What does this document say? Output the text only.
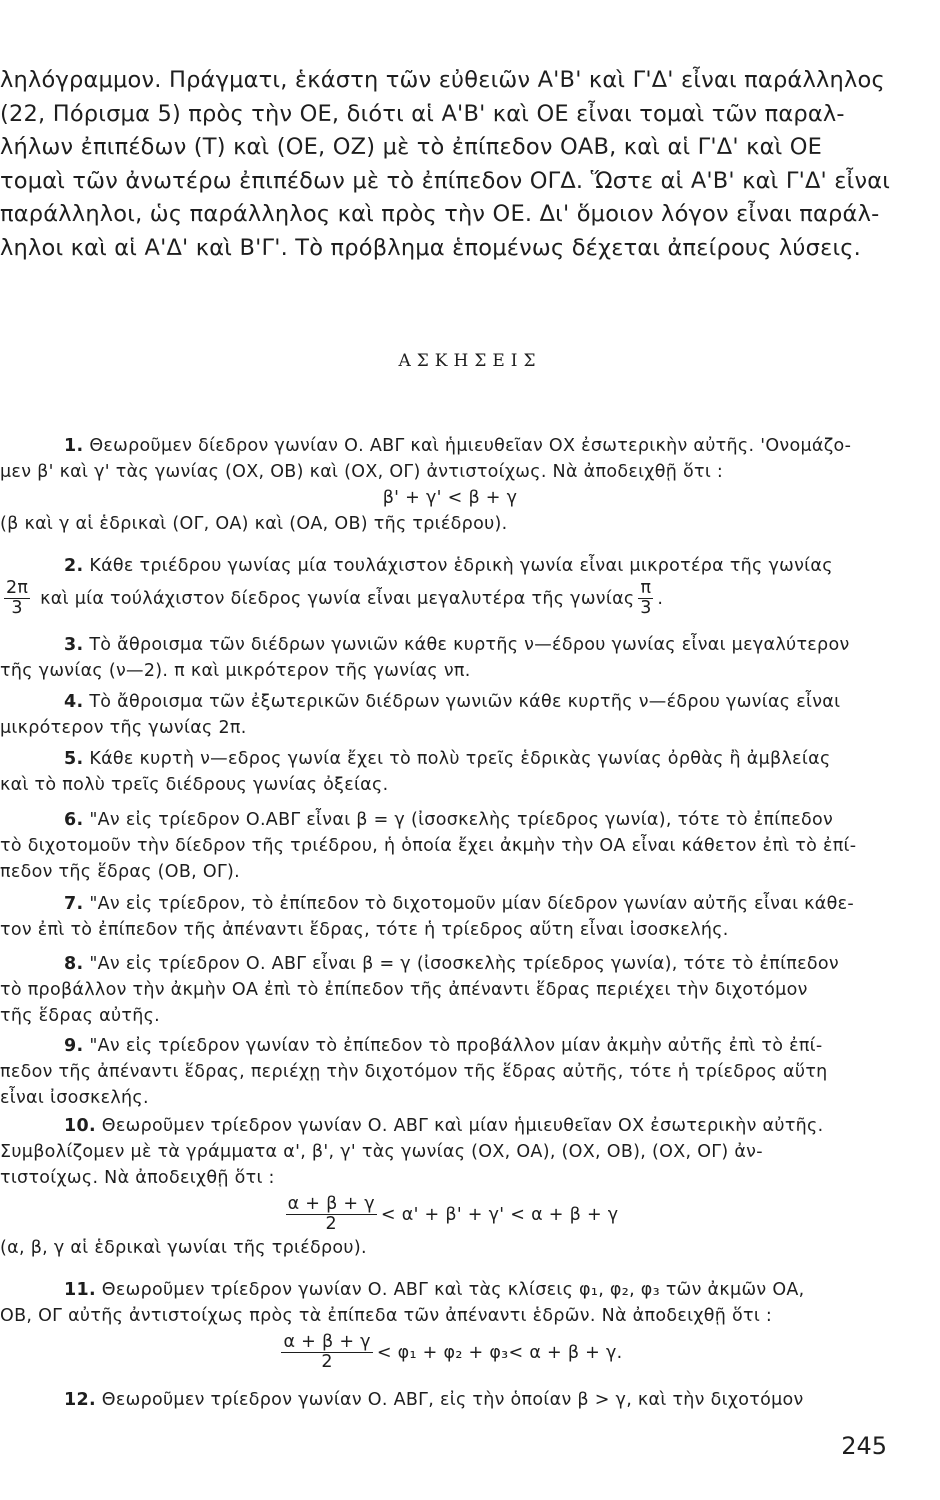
ληλόγραμμον. Πράγματι, ἑκάστη τῶν εὐθειῶν Α'Β' καὶ Γ'Δ' εἶναι παράλληλος
(22, Πόρισμα 5) πρὸς τὴν ΟΕ, διότι αἱ Α'Β' καὶ ΟΕ εἶναι τομαὶ τῶν παραλ-
λήλων ἐπιπέδων (Τ) καὶ (ΟΕ, ΟΖ) μὲ τὸ ἐπίπεδον ΟΑΒ, καὶ αἱ Γ'Δ' καὶ ΟΕ
τομαὶ τῶν ἀνωτέρω ἐπιπέδων μὲ τὸ ἐπίπεδον ΟΓΔ. Ὥστε αἱ Α'Β' καὶ Γ'Δ' εἶναι
παράλληλοι, ὡς παράλληλος καὶ πρὸς τὴν ΟΕ. Δι' ὅμοιον λόγον εἶναι παράλ-
ληλοι καὶ αἱ Α'Δ' καὶ Β'Γ'. Τὸ πρόβλημα ἑπομένως δέχεται ἀπείρους λύσεις.
ΑΣΚΗΣΕΙΣ
1. Θεωροῦμεν δίεδρον γωνίαν Ο. ΑΒΓ καὶ ἡμιευθεῖαν ΟΧ ἐσωτερικὴν αὐτῆς. 'Ονομάζο-
μεν β' καὶ γ' τὰς γωνίας (ΟΧ, ΟΒ) καὶ (ΟΧ, ΟΓ) ἀντιστοίχως. Νὰ ἀποδειχθῇ ὅτι :
β' + γ' < β + γ
(β καὶ γ αἱ ἑδρικαὶ (ΟΓ, ΟΑ) καὶ (ΟΑ, ΟΒ) τῆς τριέδρου).
2. Κάθε τριέδρου γωνίας μία τουλάχιστον ἑδρικὴ γωνία εἶναι μικροτέρα τῆς γωνίας
$\frac{2\pi}{3}$ καὶ μία τούλάχιστον δίεδρος γωνία εἶναι μεγαλυτέρα τῆς γωνίας $\frac{\pi}{3}$ .
3. Τὸ ἄθροισμα τῶν διέδρων γωνιῶν κάθε κυρτῆς ν—έδρου γωνίας εἶναι μεγαλύτερον
τῆς γωνίας (ν—2). π καὶ μικρότερον τῆς γωνίας νπ.
4. Τὸ ἄθροισμα τῶν ἐξωτερικῶν διέδρων γωνιῶν κάθε κυρτῆς ν—έδρου γωνίας εἶναι
μικρότερον τῆς γωνίας 2π.
5. Κάθε κυρτὴ ν—εδρος γωνία ἔχει τὸ πολὺ τρεῖς ἑδρικὰς γωνίας ὀρθὰς ἢ ἀμβλείας
καὶ τὸ πολὺ τρεῖς διέδρους γωνίας ὀξείας.
6. "Αν εἰς τρίεδρον Ο.ΑΒΓ εἶναι β = γ (ἰσοσκελὴς τρίεδρος γωνία), τότε τὸ ἐπίπεδον
τὸ διχοτομοῦν τὴν δίεδρον τῆς τριέδρου, ἡ ὁποία ἔχει ἀκμὴν τὴν ΟΑ εἶναι κάθετον ἐπὶ τὸ ἐπί-
πεδον τῆς ἕδρας (ΟΒ, ΟΓ).
7. "Αν εἰς τρίεδρον, τὸ ἐπίπεδον τὸ διχοτομοῦν μίαν δίεδρον γωνίαν αὐτῆς εἶναι κάθε-
τον ἐπὶ τὸ ἐπίπεδον τῆς ἀπέναντι ἕδρας, τότε ἡ τρίεδρος αὕτη εἶναι ἰσοσκελής.
8. "Αν εἰς τρίεδρον Ο. ΑΒΓ εἶναι β = γ (ἰσοσκελὴς τρίεδρος γωνία), τότε τὸ ἐπίπεδον
τὸ προβάλλον τὴν ἀκμὴν ΟΑ ἐπὶ τὸ ἐπίπεδον τῆς ἀπέναντι ἕδρας περιέχει τὴν διχοτόμον
τῆς ἕδρας αὐτῆς.
9. "Αν εἰς τρίεδρον γωνίαν τὸ ἐπίπεδον τὸ προβάλλον μίαν ἀκμὴν αὐτῆς ἐπὶ τὸ ἐπί-
πεδον τῆς ἀπέναντι ἕδρας, περιέχῃ τὴν διχοτόμον τῆς ἕδρας αὐτῆς, τότε ἡ τρίεδρος αὕτη
εἶναι ἰσοσκελής.
10. Θεωροῦμεν τρίεδρον γωνίαν Ο. ΑΒΓ καὶ μίαν ἡμιευθεῖαν ΟΧ ἐσωτερικὴν αὐτῆς.
Συμβολίζομεν μὲ τὰ γράμματα α', β', γ' τὰς γωνίας (ΟΧ, ΟΑ), (ΟΧ, ΟΒ), (ΟΧ, ΟΓ) ἀν-
τιστοίχως. Νὰ ἀποδειχθῇ ὅτι :
$\frac{\alpha + \beta + \gamma}{2} < \alpha' + \beta' + \gamma' < \alpha + \beta + \gamma$
(α, β, γ αἱ ἑδρικαὶ γωνίαι τῆς τριέδρου).
11. Θεωροῦμεν τρίεδρον γωνίαν Ο. ΑΒΓ καὶ τὰς κλίσεις φ₁, φ₂, φ₃ τῶν ἀκμῶν ΟΑ,
ΟΒ, ΟΓ αὐτῆς ἀντιστοίχως πρὸς τὰ ἐπίπεδα τῶν ἀπέναντι ἑδρῶν. Νὰ ἀποδειχθῇ ὅτι :
$\frac{\alpha + \beta + \gamma}{2} < \varphi_1 + \varphi_2 + \varphi_3< \alpha + \beta + \gamma$.
12. Θεωροῦμεν τρίεδρον γωνίαν Ο. ΑΒΓ, εἰς τὴν ὁποίαν β > γ, καὶ τὴν διχοτόμον
245
